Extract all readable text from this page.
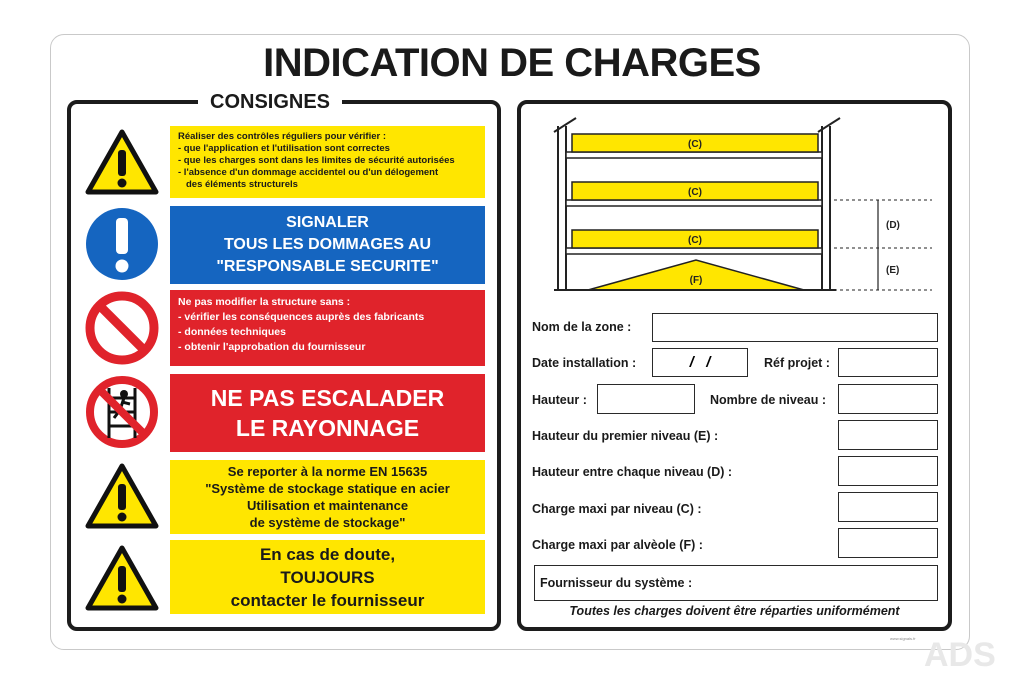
INDICATION DE CHARGES
CONSIGNES
Réaliser des contrôles réguliers pour vérifier :
- que l'application et l'utilisation sont correctes
- que les charges sont dans les limites de sécurité autorisées
- l'absence d'un dommage accidentel ou d'un délogement
des éléments structurels
SIGNALER
TOUS LES DOMMAGES AU
"RESPONSABLE SECURITE"
Ne pas modifier la structure sans :
- vérifier les conséquences auprès des fabricants
- données techniques
- obtenir l'approbation du fournisseur
NE PAS ESCALADER
LE RAYONNAGE
Se reporter à la norme EN 15635
"Système de stockage statique en acier
Utilisation et maintenance
de système de stockage"
En cas de doute,
TOUJOURS
contacter le fournisseur
(C)
(C)
(C)
(F)
(D)
(E)
Nom de la zone :
Date installation :	/   /	Réf projet :
Hauteur :	Nombre de niveau :
Hauteur du premier niveau (E) :
Hauteur entre chaque niveau (D) :
Charge maxi par niveau (C) :
Charge maxi par alvèole (F) :
Fournisseur du système :
Toutes les charges doivent être réparties uniformément
www.signals.fr ADS
